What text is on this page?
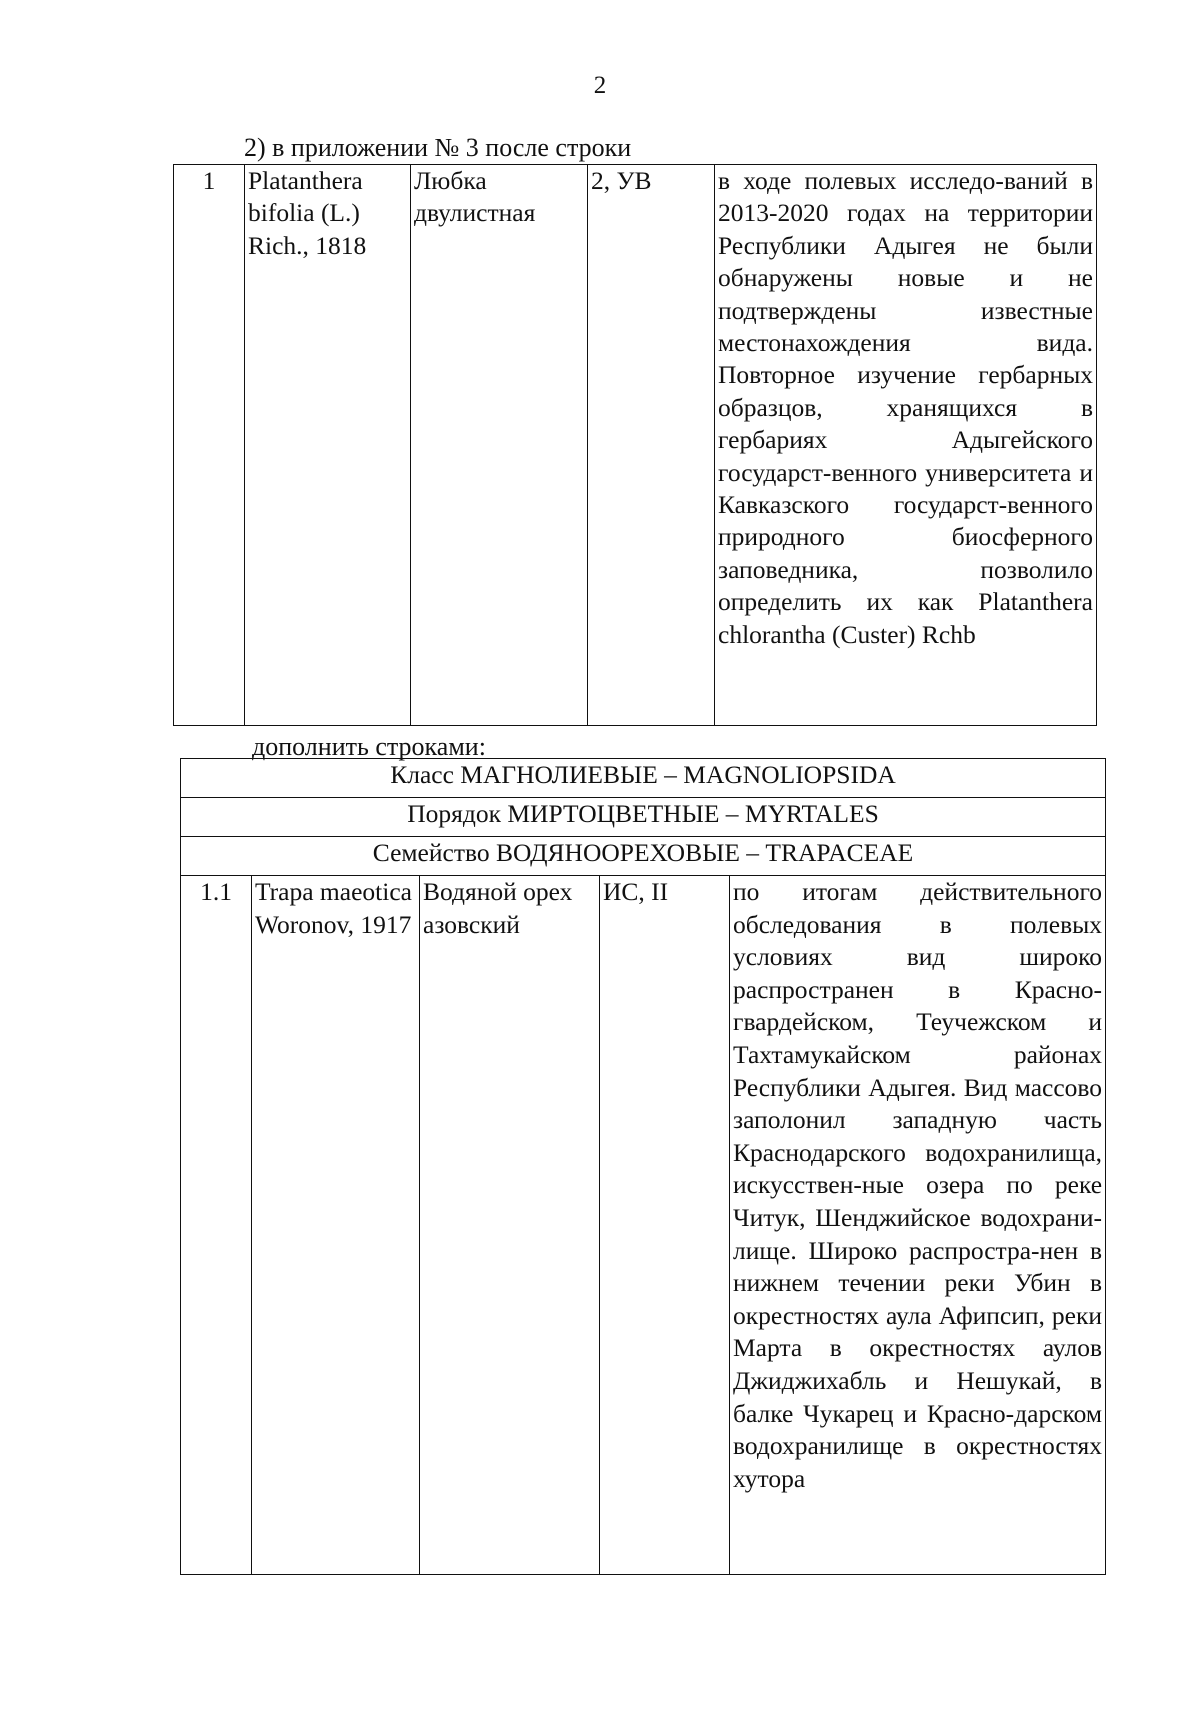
2
2) в приложении № 3 после строки
1	Platanthera bifolia (L.) Rich., 1818	Любка двулистная	2, УВ	в ходе полевых исследо-ваний в 2013-2020 годах на территории Республики Адыгея не были обнаружены новые и не подтверждены известные местонахождения вида. Повторное изучение гербарных образцов, хранящихся в гербариях Адыгейского государст-венного университета и Кавказского государст-венного природного биосферного заповедника, позволило определить их как Platanthera chlorantha (Custer) Rchb
дополнить строками:
Класс МАГНОЛИЕВЫЕ – MAGNOLIOPSIDA
Порядок МИРТОЦВЕТНЫЕ – MYRTALES
Семейство ВОДЯНООРЕХОВЫЕ – TRAPACEAE
1.1	Trapa maeotica Woronov, 1917	Водяной орех азовский	ИС, II	по итогам действительного обследования в полевых условиях вид широко распространен в Красно-гвардейском, Теучежском и Тахтамукайском районах Республики Адыгея. Вид массово заполонил западную часть Краснодарского водохранилища, искусствен-ные озера по реке Читук, Шенджийское водохрани-лище. Широко распростра-нен в нижнем течении реки Убин в окрестностях аула Афипсип, реки Марта в окрестностях аулов Джиджихабль и Нешукай, в балке Чукарец и Красно-дарском водохранилище в окрестностях хутора
